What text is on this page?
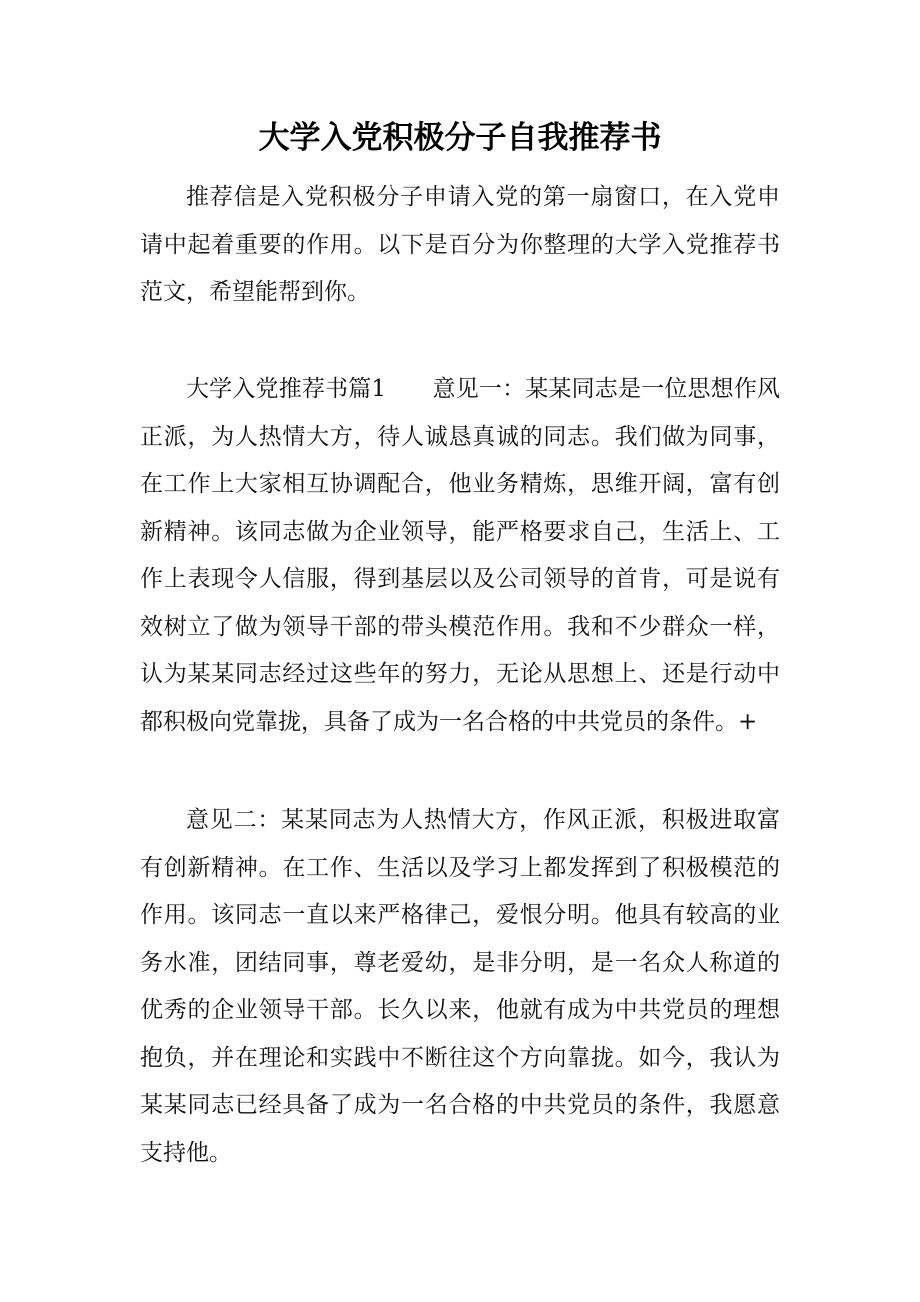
大学入党积极分子自我推荐书

推荐信是入党积极分子申请入党的第一扇窗口，在入党申请中起着重要的作用。以下是百分为你整理的大学入党推荐书范文，希望能帮到你。

大学入党推荐书篇1　　意见一：某某同志是一位思想作风正派，为人热情大方，待人诚恳真诚的同志。我们做为同事，在工作上大家相互协调配合，他业务精炼，思维开阔，富有创新精神。该同志做为企业领导，能严格要求自己，生活上、工作上表现令人信服，得到基层以及公司领导的首肯，可是说有效树立了做为领导干部的带头模范作用。我和不少群众一样，认为某某同志经过这些年的努力，无论从思想上、还是行动中都积极向党靠拢，具备了成为一名合格的中共党员的条件。+

意见二：某某同志为人热情大方，作风正派，积极进取富有创新精神。在工作、生活以及学习上都发挥到了积极模范的作用。该同志一直以来严格律己，爱恨分明。他具有较高的业务水准，团结同事，尊老爱幼，是非分明，是一名众人称道的优秀的企业领导干部。长久以来，他就有成为中共党员的理想抱负，并在理论和实践中不断往这个方向靠拢。如今，我认为某某同志已经具备了成为一名合格的中共党员的条件，我愿意支持他。
